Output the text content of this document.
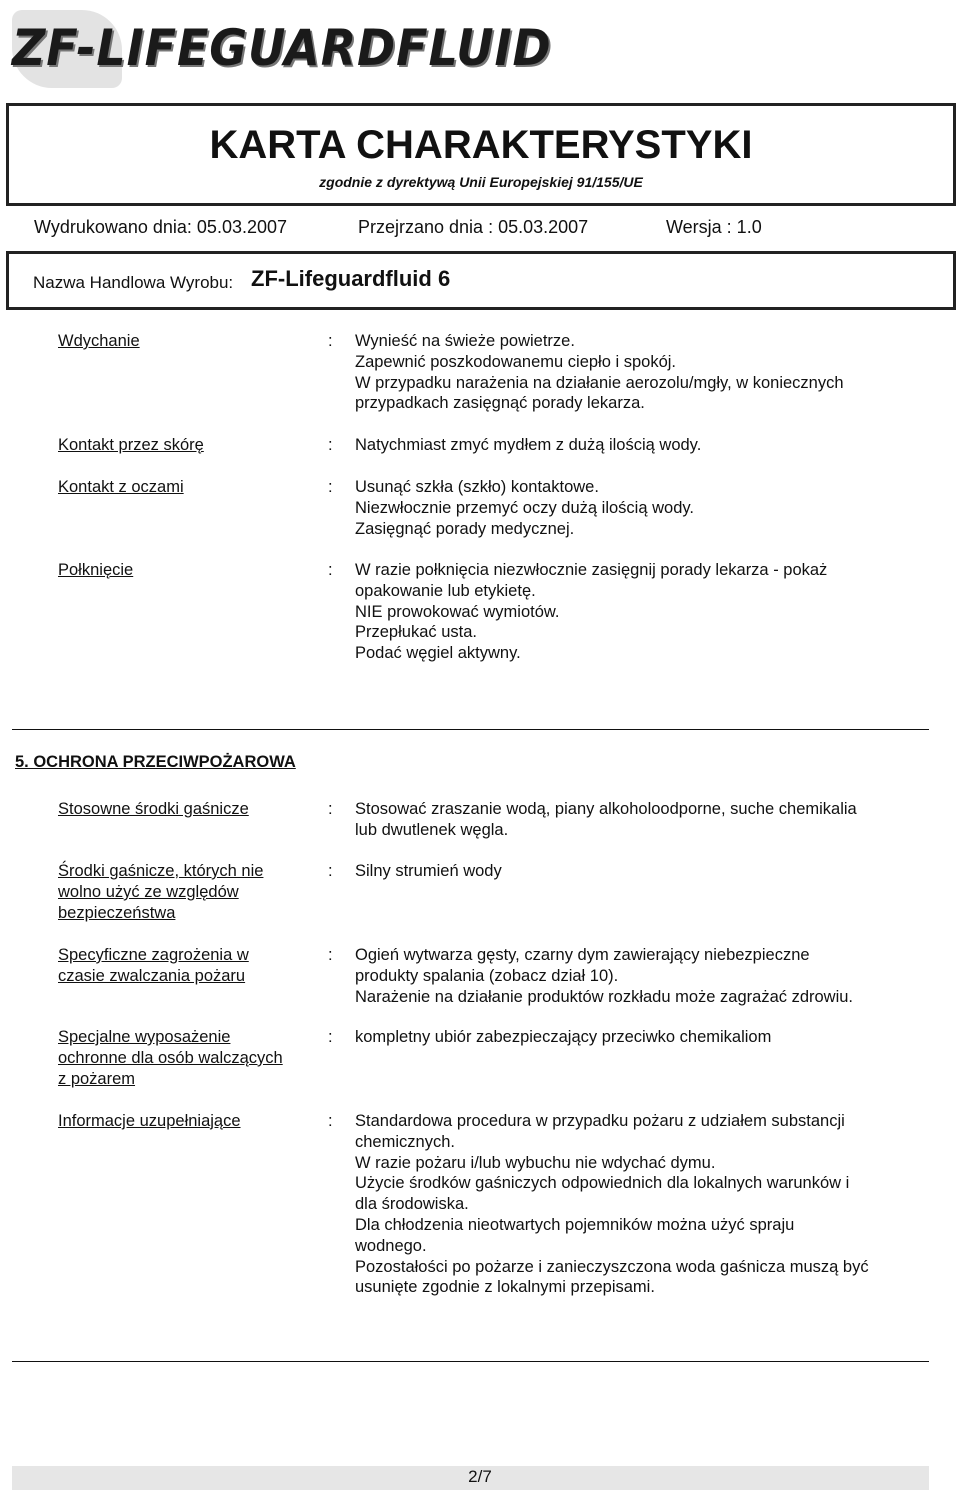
ZF-LIFEGUARDFLUID
KARTA CHARAKTERYSTYKI
zgodnie z dyrektywą Unii Europejskiej 91/155/UE
Wydrukowano dnia: 05.03.2007	Przejrzano dnia : 05.03.2007	Wersja : 1.0
Nazwa Handlowa Wyrobu: ZF-Lifeguardfluid 6
Wdychanie	: Wynieść na świeże powietrze.
Zapewnić poszkodowanemu ciepło i spokój.
W przypadku narażenia na działanie aerozolu/mgły, w koniecznych
przypadkach zasięgnąć porady lekarza.
Kontakt przez skórę	: Natychmiast zmyć mydłem z dużą ilością wody.
Kontakt z oczami	: Usunąć szkła (szkło) kontaktowe.
Niezwłocznie przemyć oczy dużą ilością wody.
Zasięgnąć porady medycznej.
Połknięcie	: W razie połknięcia niezwłocznie zasięgnij porady lekarza - pokaż
opakowanie lub etykietę.
NIE prowokować wymiotów.
Przepłukać usta.
Podać węgiel aktywny.
5. OCHRONA PRZECIWPOŻAROWA
Stosowne środki gaśnicze	: Stosować zraszanie wodą, piany alkoholoodporne, suche chemikalia
lub dwutlenek węgla.
Środki gaśnicze, których nie
wolno użyć ze względów
bezpieczeństwa
: Silny strumień wody
Specyficzne zagrożenia w
czasie zwalczania pożaru
: Ogień wytwarza gęsty, czarny dym zawierający niebezpieczne
produkty spalania (zobacz dział 10).
Narażenie na działanie produktów rozkładu może zagrażać zdrowiu.
Specjalne wyposażenie
ochronne dla osób walczących
z pożarem
: kompletny ubiór zabezpieczający przeciwko chemikaliom
Informacje uzupełniające	: Standardowa procedura w przypadku pożaru z udziałem substancji
chemicznych.
W razie pożaru i/lub wybuchu nie wdychać dymu.
Użycie środków gaśniczych odpowiednich dla lokalnych warunków i
dla środowiska.
Dla chłodzenia nieotwartych pojemników można użyć spraju
wodnego.
Pozostałości po pożarze i zanieczyszczona woda gaśnicza muszą być
usunięte zgodnie z lokalnymi przepisami.
2/7
